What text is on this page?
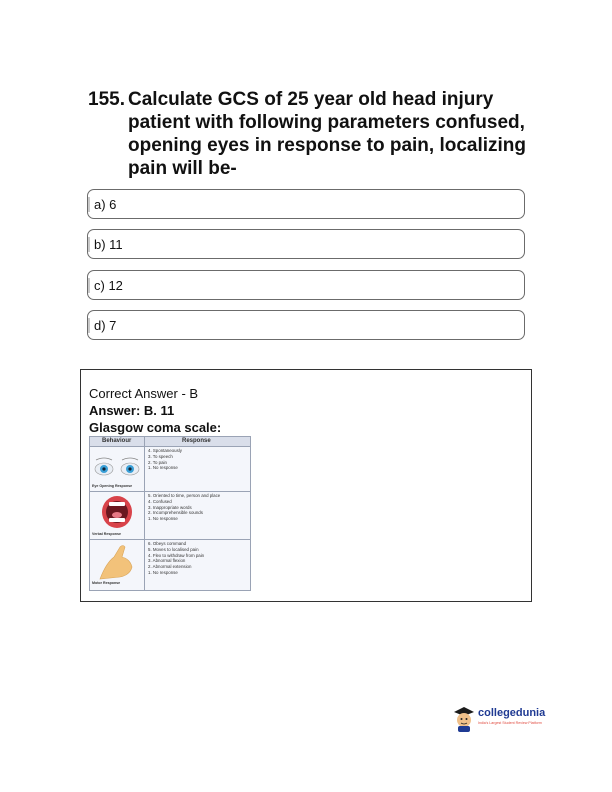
155. Calculate GCS of 25 year old head injury patient with following parameters confused, opening eyes in response to pain, localizing pain will be-
a) 6
b) 11
c) 12
d) 7
Correct Answer - B
Answer: B. 11
Glasgow coma scale:
Behaviour	Response
Eye Opening Response
4. Spontaneously
3. To speech
2. To pain
1. No response
Verbal Response
5. Oriented to time, person and place
4. Confused
3. Inappropriate words
2. Incomprehensible sounds
1. No response
Motor Response
6. Obeys command
5. Moves to localised pain
4. Flex to withdraw from pain
3. Abnormal flexion
2. Abnormal extension
1. No response
collegedunia
India's Largest Student Review Platform
